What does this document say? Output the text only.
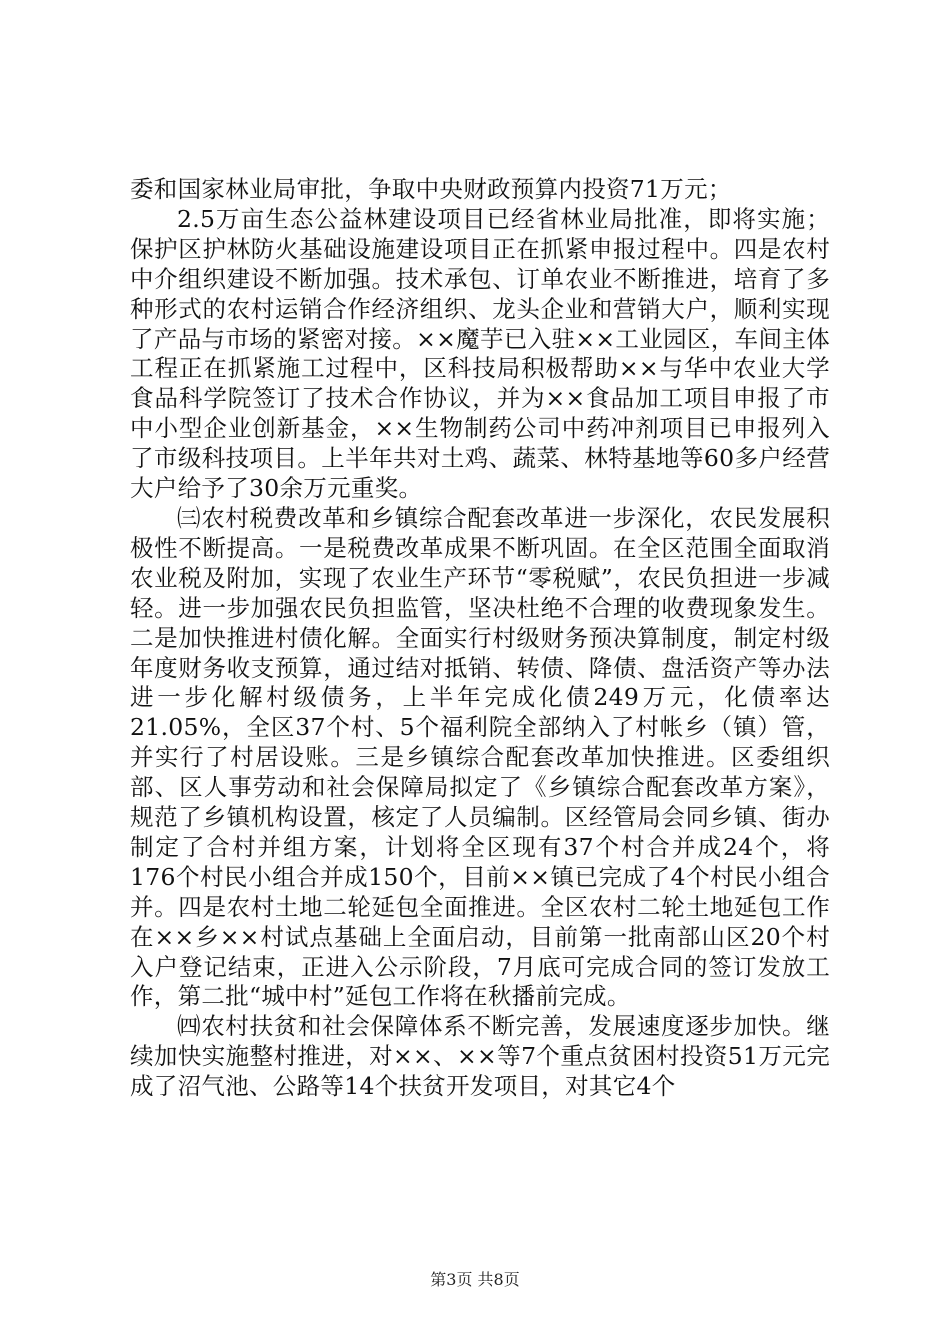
委和国家林业局审批，争取中央财政预算内投资71万元；

2.5万亩生态公益林建设项目已经省林业局批准，即将实施；保护区护林防火基础设施建设项目正在抓紧申报过程中。四是农村中介组织建设不断加强。技术承包、订单农业不断推进，培育了多种形式的农村运销合作经济组织、龙头企业和营销大户，顺利实现了产品与市场的紧密对接。××魔芋已入驻××工业园区，车间主体工程正在抓紧施工过程中，区科技局积极帮助××与华中农业大学食品科学院签订了技术合作协议，并为××食品加工项目申报了市中小型企业创新基金，××生物制药公司中药冲剂项目已申报列入了市级科技项目。上半年共对土鸡、蔬菜、林特基地等60多户经营大户给予了30余万元重奖。

㈢农村税费改革和乡镇综合配套改革进一步深化，农民发展积极性不断提高。一是税费改革成果不断巩固。在全区范围全面取消农业税及附加，实现了农业生产环节“零税赋”，农民负担进一步减轻。进一步加强农民负担监管，坚决杜绝不合理的收费现象发生。二是加快推进村债化解。全面实行村级财务预决算制度，制定村级年度财务收支预算，通过结对抵销、转债、降债、盘活资产等办法进一步化解村级债务，上半年完成化债249万元，化债率达21.05%，全区37个村、5个福利院全部纳入了村帐乡（镇）管，并实行了村居设账。三是乡镇综合配套改革加快推进。区委组织部、区人事劳动和社会保障局拟定了《乡镇综合配套改革方案》，规范了乡镇机构设置，核定了人员编制。区经管局会同乡镇、街办制定了合村并组方案，计划将全区现有37个村合并成24个，将176个村民小组合并成150个，目前××镇已完成了4个村民小组合并。四是农村土地二轮延包全面推进。全区农村二轮土地延包工作在××乡××村试点基础上全面启动，目前第一批南部山区20个村入户登记结束，正进入公示阶段，7月底可完成合同的签订发放工作，第二批“城中村”延包工作将在秋播前完成。

㈣农村扶贫和社会保障体系不断完善，发展速度逐步加快。继续加快实施整村推进，对××、××等7个重点贫困村投资51万元完成了沼气池、公路等14个扶贫开发项目，对其它4个

第3页 共8页
